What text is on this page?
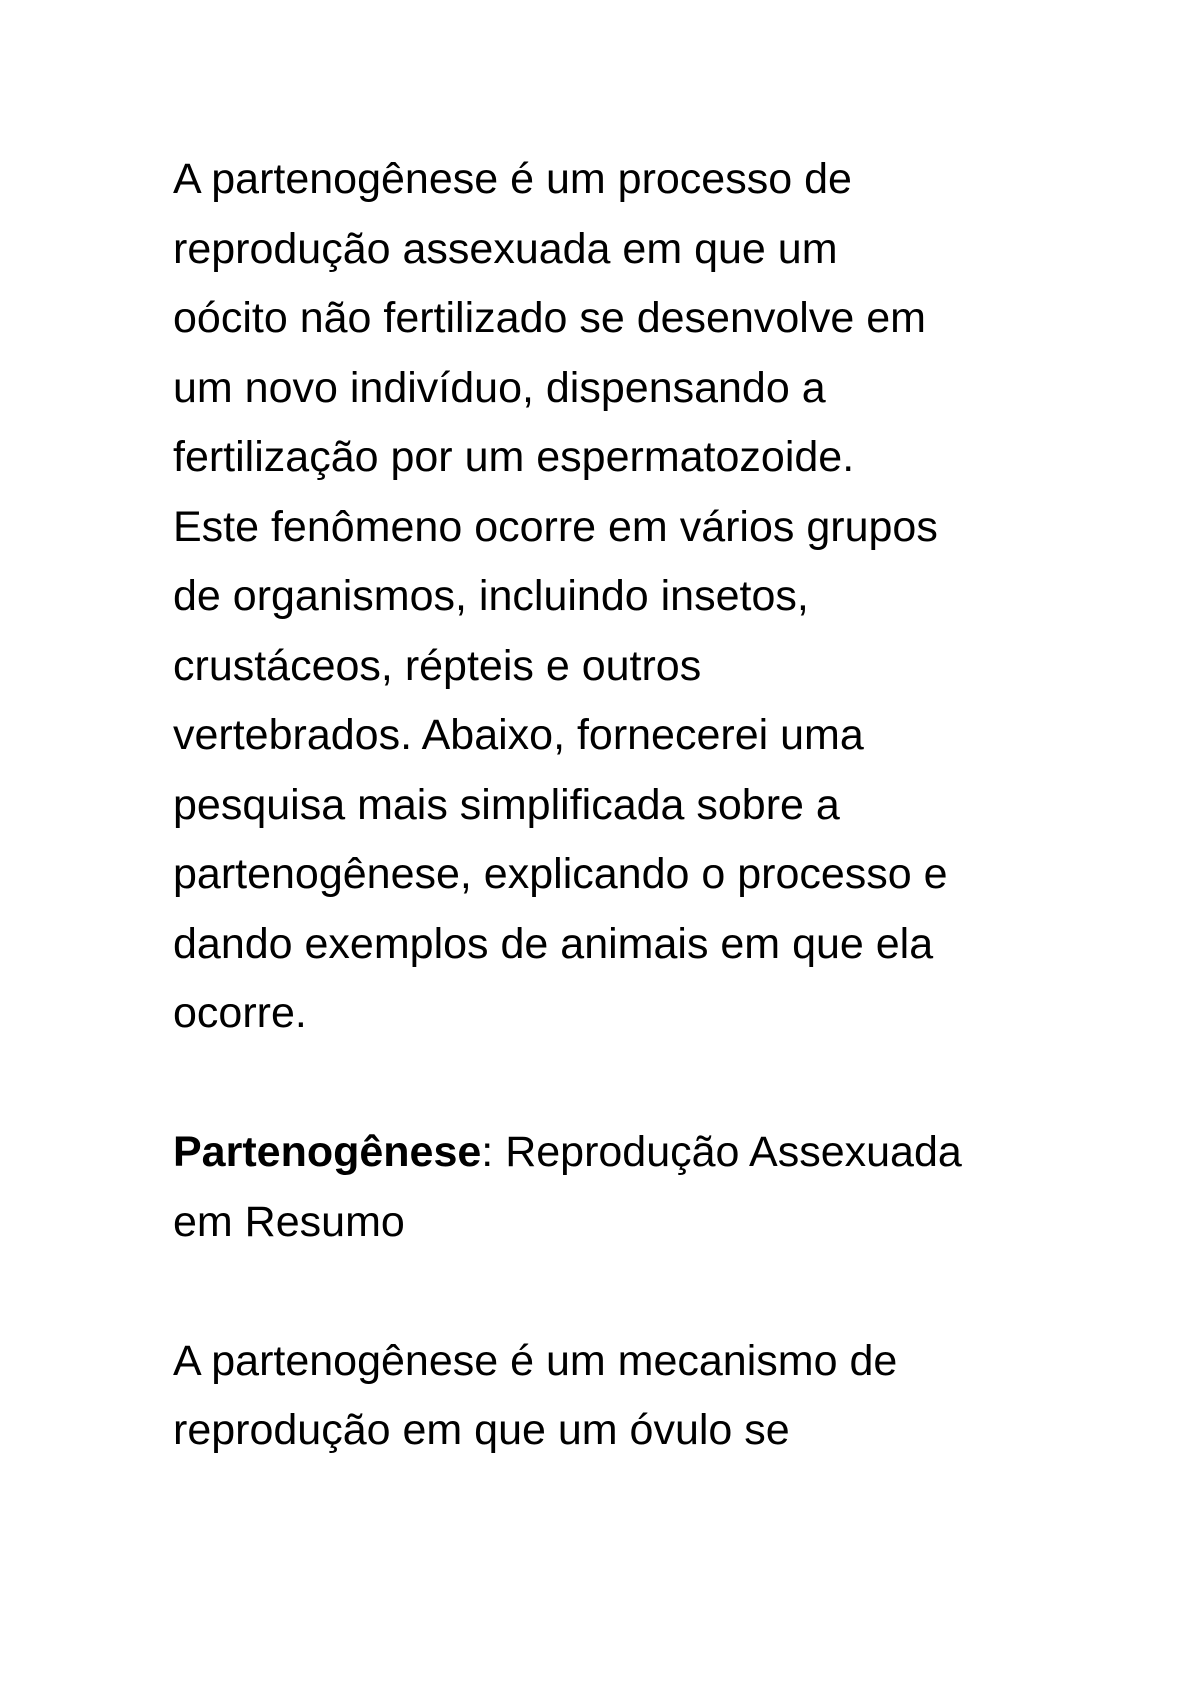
A partenogênese é um processo de
reprodução assexuada em que um
oócito não fertilizado se desenvolve em
um novo indivíduo, dispensando a
fertilização por um espermatozoide.
Este fenômeno ocorre em vários grupos
de organismos, incluindo insetos,
crustáceos, répteis e outros
vertebrados. Abaixo, fornecerei uma
pesquisa mais simplificada sobre a
partenogênese, explicando o processo e
dando exemplos de animais em que ela
ocorre.

Partenogênese: Reprodução Assexuada
em Resumo

A partenogênese é um mecanismo de
reprodução em que um óvulo se
